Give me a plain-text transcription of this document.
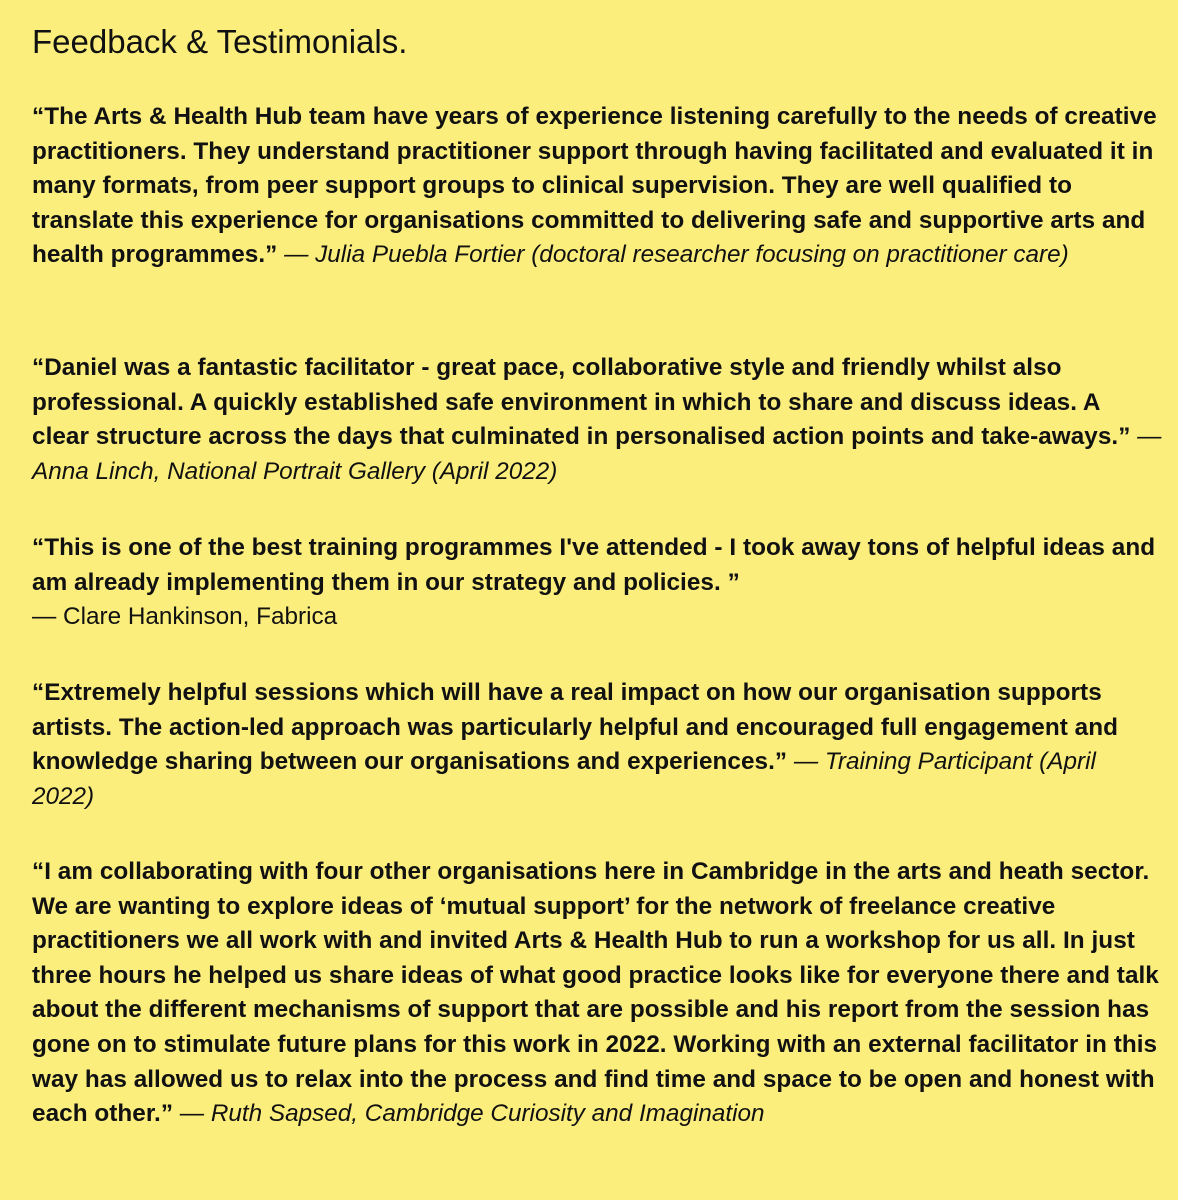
Feedback & Testimonials.

“The Arts & Health Hub team have years of experience listening carefully to the needs of creative practitioners. They understand practitioner support through having facilitated and evaluated it in many formats, from peer support groups to clinical supervision. They are well qualified to translate this experience for organisations committed to delivering safe and supportive arts and health programmes.” — Julia Puebla Fortier (doctoral researcher focusing on practitioner care)

“Daniel was a fantastic facilitator - great pace, collaborative style and friendly whilst also professional. A quickly established safe environment in which to share and discuss ideas. A clear structure across the days that culminated in personalised action points and take-aways.” — Anna Linch, National Portrait Gallery (April 2022)

“This is one of the best training programmes I've attended - I took away tons of helpful ideas and am already implementing them in our strategy and policies. ”
— Clare Hankinson, Fabrica

“Extremely helpful sessions which will have a real impact on how our organisation supports artists. The action-led approach was particularly helpful and encouraged full engagement and knowledge sharing between our organisations and experiences.” — Training Participant (April 2022)

“I am collaborating with four other organisations here in Cambridge in the arts and heath sector. We are wanting to explore ideas of ‘mutual support’ for the network of freelance creative practitioners we all work with and invited Arts & Health Hub to run a workshop for us all. In just three hours he helped us share ideas of what good practice looks like for everyone there and talk about the different mechanisms of support that are possible and his report from the session has gone on to stimulate future plans for this work in 2022. Working with an external facilitator in this way has allowed us to relax into the process and find time and space to be open and honest with each other.” — Ruth Sapsed, Cambridge Curiosity and Imagination
